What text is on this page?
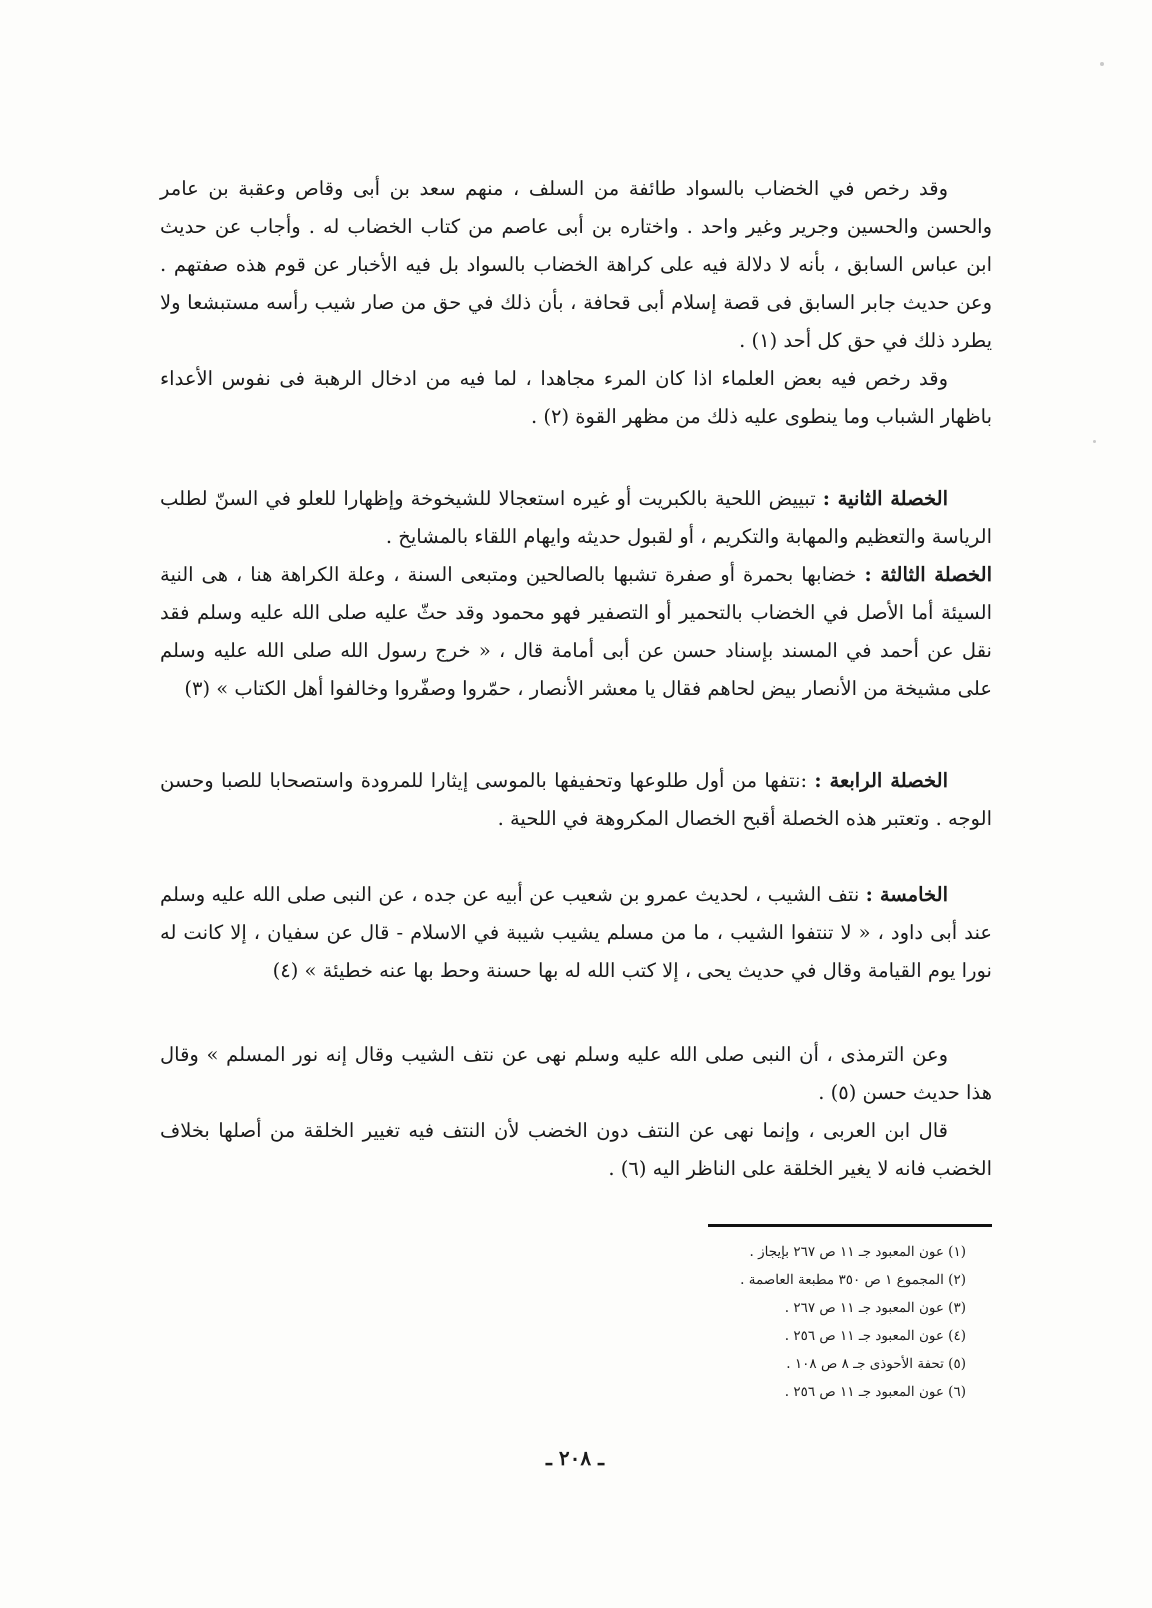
وقد رخص في الخضاب بالسواد طائفة من السلف ، منهم سعد بن أبى وقاص وعقبة بن عامر والحسن والحسين وجرير وغير واحد . واختاره بن أبى عاصم من كتاب الخضاب له . وأجاب عن حديث ابن عباس السابق ، بأنه لا دلالة فيه على كراهة الخضاب بالسواد بل فيه الأخبار عن قوم هذه صفتهم . وعن حديث جابر السابق فى قصة إسلام أبى قحافة ، بأن ذلك في حق من صار شيب رأسه مستبشعا ولا يطرد ذلك في حق كل أحد (١) .

وقد رخص فيه بعض العلماء اذا كان المرء مجاهدا ، لما فيه من ادخال الرهبة فى نفوس الأعداء باظهار الشباب وما ينطوى عليه ذلك من مظهر القوة (٢) .

الخصلة الثانية : تبييض اللحية بالكبريت أو غيره استعجالا للشيخوخة وإظهارا للعلو في السنّ لطلب الرياسة والتعظيم والمهابة والتكريم ، أو لقبول حديثه وايهام اللقاء بالمشايخ .

الخصلة الثالثة : خضابها بحمرة أو صفرة تشبها بالصالحين ومتبعى السنة ، وعلة الكراهة هنا ، هى النية السيئة أما الأصل في الخضاب بالتحمير أو التصفير فهو محمود وقد حثّ عليه صلى الله عليه وسلم فقد نقل عن أحمد في المسند بإسناد حسن عن أبى أمامة قال ، « خرج رسول الله صلى الله عليه وسلم على مشيخة من الأنصار بيض لحاهم فقال يا معشر الأنصار ، حمّروا وصفّروا وخالفوا أهل الكتاب » (٣)

الخصلة الرابعة : :نتفها من أول طلوعها وتحفيفها بالموسى إيثارا للمرودة واستصحابا للصبا وحسن الوجه . وتعتبر هذه الخصلة أقبح الخصال المكروهة في اللحية .

الخامسة : نتف الشيب ، لحديث عمرو بن شعيب عن أبيه عن جده ، عن النبى صلى الله عليه وسلم عند أبى داود ، « لا تنتفوا الشيب ، ما من مسلم يشيب شيبة في الاسلام - قال عن سفيان ، إلا كانت له نورا يوم القيامة وقال في حديث يحى ، إلا كتب الله له بها حسنة وحط بها عنه خطيئة » (٤)

وعن الترمذى ، أن النبى صلى الله عليه وسلم نهى عن نتف الشيب وقال إنه نور المسلم » وقال هذا حديث حسن (٥) .

قال ابن العربى ، وإنما نهى عن النتف دون الخضب لأن النتف فيه تغيير الخلقة من أصلها بخلاف الخضب فانه لا يغير الخلقة على الناظر اليه (٦) .

(١) عون المعبود جـ ١١ ص ٢٦٧ بإيجاز .
(٢) المجموع ١ ص ٣٥٠ مطبعة العاصمة .
(٣) عون المعبود جـ ١١ ص ٢٦٧ .
(٤) عون المعبود جـ ١١ ص ٢٥٦ .
(٥) تحفة الأحوذى جـ ٨ ص ١٠٨ .
(٦) عون المعبود جـ ١١ ص ٢٥٦ .
ـ ٢٠٨ ـ
